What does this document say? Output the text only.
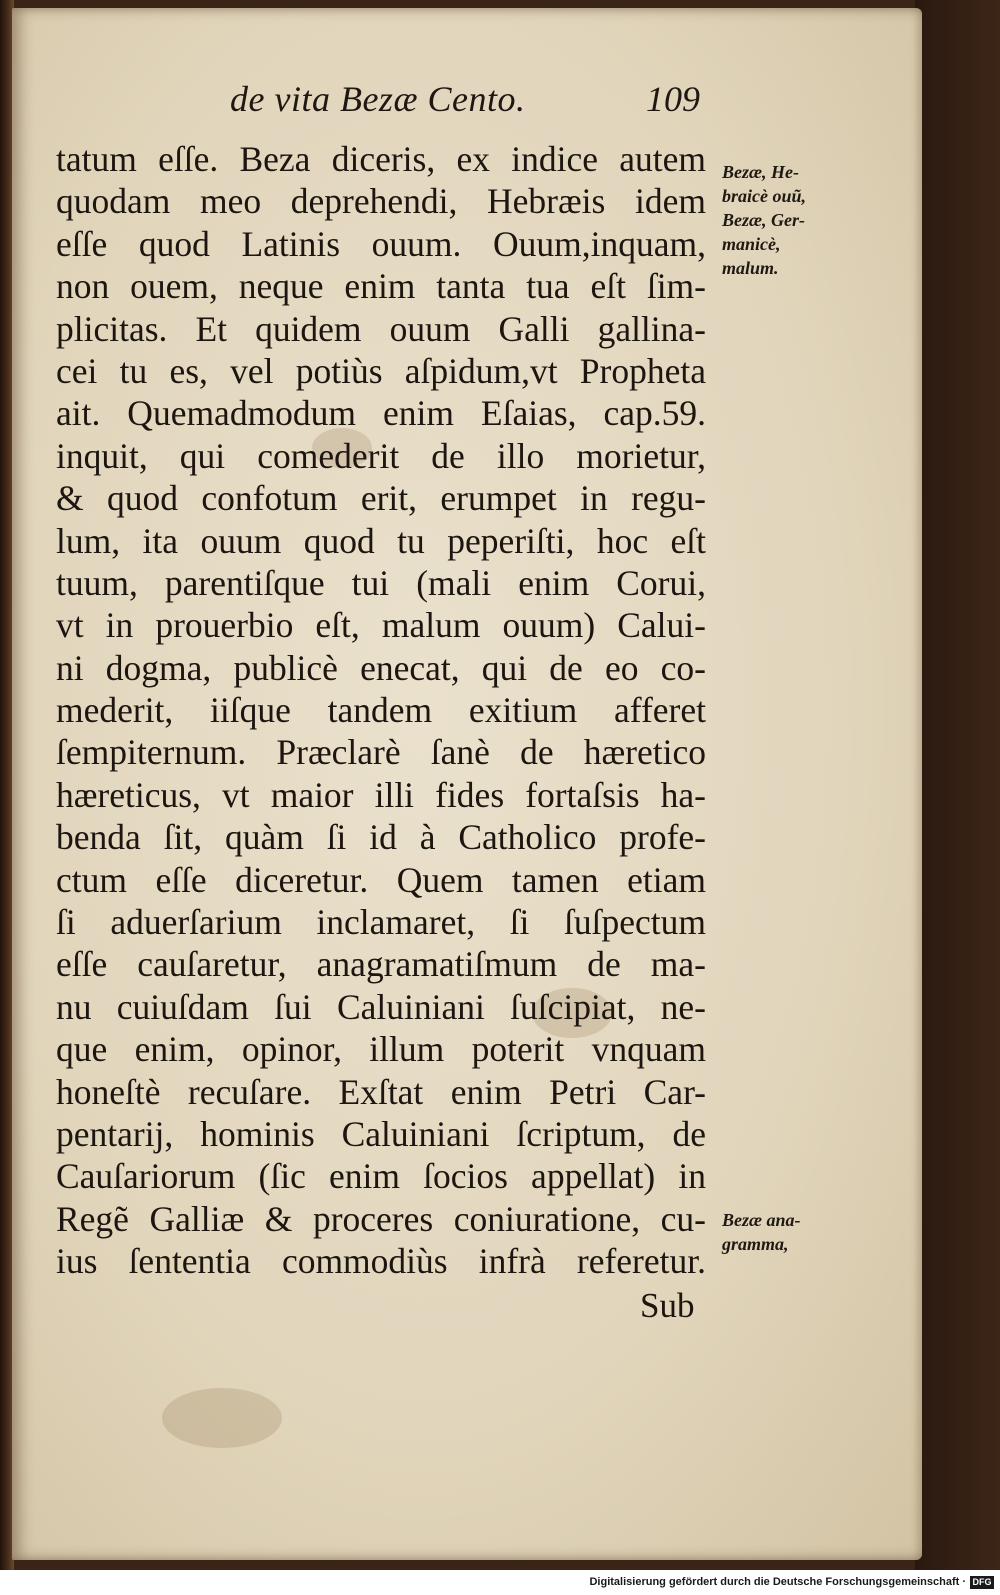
de vita Bezæ Cento.	109
tatum eſſe. Beza diceris, ex indice autem
quodam meo deprehendi, Hebræis idem
eſſe quod Latinis ouum. Ouum,inquam,
non ouem, neque enim tanta tua eſt ſim-
plicitas. Et quidem ouum Galli gallina-
cei tu es, vel potiùs aſpidum,vt Propheta
ait. Quemadmodum enim Eſaias, cap.59.
inquit, qui comederit de illo morietur,
& quod confotum erit, erumpet in regu-
lum, ita ouum quod tu peperiſti, hoc eſt
tuum, parentiſque tui (mali enim Corui,
vt in prouerbio eſt, malum ouum) Calui-
ni dogma, publicè enecat, qui de eo co-
mederit, iiſque tandem exitium afferet
ſempiternum. Præclarè ſanè de hæretico
hæreticus, vt maior illi fides fortaſsis ha-
benda ſit, quàm ſi id à Catholico profe-
ctum eſſe diceretur. Quem tamen etiam
ſi aduerſarium inclamaret, ſi ſuſpectum
eſſe cauſaretur, anagramatiſmum de ma-
nu cuiuſdam ſui Caluiniani ſuſcipiat, ne-
que enim, opinor, illum poterit vnquam
honeſtè recuſare. Exſtat enim Petri Car-
pentarij, hominis Caluiniani ſcriptum, de
Cauſariorum (ſic enim ſocios appellat) in
Regẽ Galliæ & proceres coniuratione, cu-
ius ſententia commodiùs infrà referetur.
Sub
Bezæ, He-
braicè ouũ,
Bezæ, Ger-
manicè,
malum.
Bezæ ana-
gramma,
Digitalisierung gefördert durch die Deutsche Forschungsgemeinschaft · DFG
